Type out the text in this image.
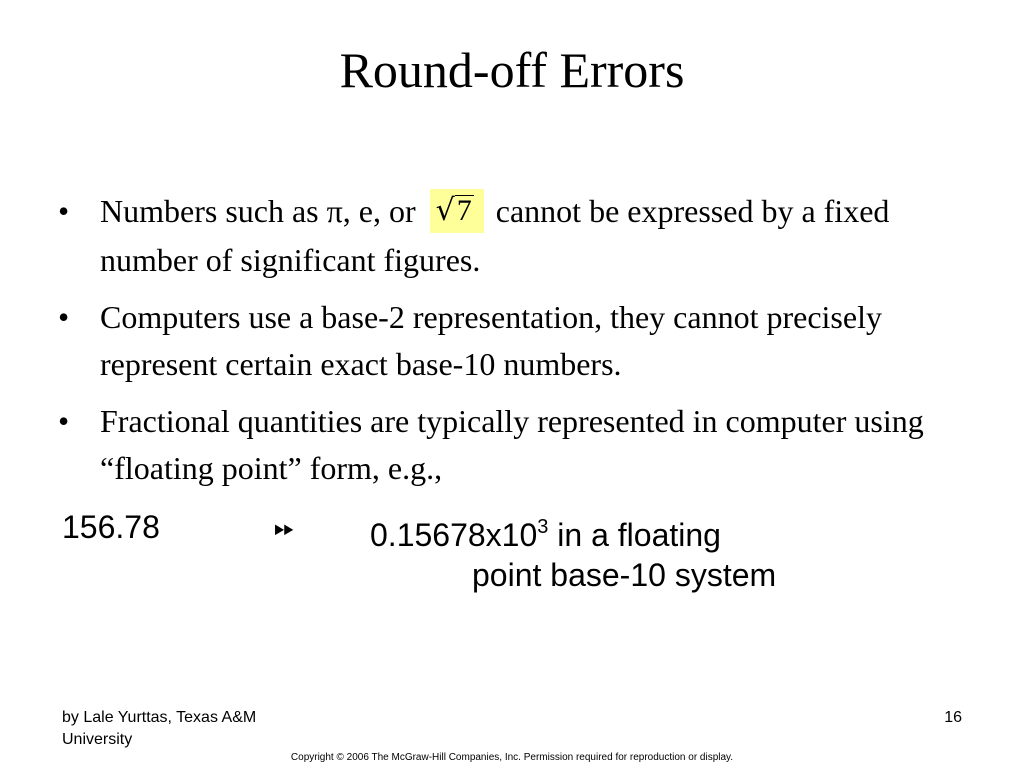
Round-off Errors
• Numbers such as π, e, or √7 cannot be expressed by a fixed number of significant figures.
• Computers use a base-2 representation, they cannot precisely represent certain exact base-10 numbers.
• Fractional quantities are typically represented in computer using “floating point” form, e.g.,
156.78	⏩︎ $0.15678x10^3$ in a floating
point base-10 system
by Lale Yurttas, Texas A&M University
16
Copyright © 2006 The McGraw-Hill Companies, Inc. Permission required for reproduction or display.
